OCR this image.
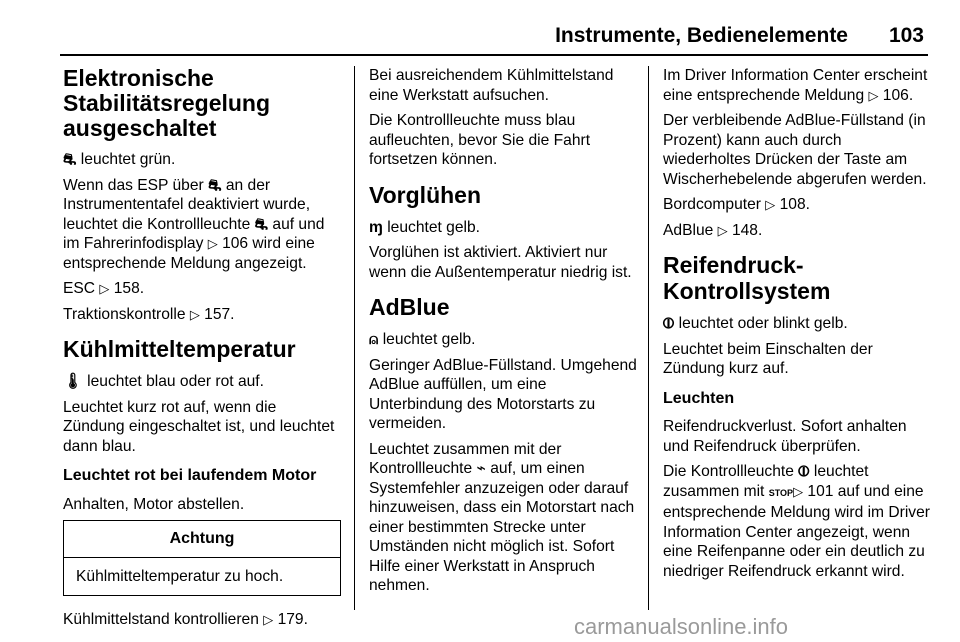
Instrumente, Bedienelemente 103
Elektronische Stabilitätsregelung ausgeschaltet

⛐ leuchtet grün.

Wenn das ESP über ⛐ an der Instrumententafel deaktiviert wurde, leuchtet die Kontrollleuchte ⛐ auf und im Fahrerinfodisplay ▷ 106 wird eine entsprechende Meldung angezeigt.

ESC ▷ 158.

Traktionskontrolle ▷ 157.

Kühlmitteltemperatur

🌡 leuchtet blau oder rot auf.

Leuchtet kurz rot auf, wenn die Zündung eingeschaltet ist, und leuchtet dann blau.

Leuchtet rot bei laufendem Motor

Anhalten, Motor abstellen.

Achtung
Kühlmitteltemperatur zu hoch.

Kühlmittelstand kontrollieren ▷ 179.

Bei ausreichendem Kühlmittelstand eine Werkstatt aufsuchen.

Die Kontrollleuchte muss blau aufleuchten, bevor Sie die Fahrt fortsetzen können.

Vorglühen

ɱ leuchtet gelb.

Vorglühen ist aktiviert. Aktiviert nur wenn die Außentemperatur niedrig ist.

AdBlue

⍝ leuchtet gelb.

Geringer AdBlue-Füllstand. Umgehend AdBlue auffüllen, um eine Unterbindung des Motorstarts zu vermeiden.

Leuchtet zusammen mit der Kontrollleuchte ⌁ auf, um einen Systemfehler anzuzeigen oder darauf hinzuweisen, dass ein Motorstart nach einer bestimmten Strecke unter Umständen nicht möglich ist. Sofort Hilfe einer Werkstatt in Anspruch nehmen.

Im Driver Information Center erscheint eine entsprechende Meldung ▷ 106.

Der verbleibende AdBlue-Füllstand (in Prozent) kann auch durch wiederholtes Drücken der Taste am Wischerhebelende abgerufen werden.

Bordcomputer ▷ 108.

AdBlue ▷ 148.

Reifendruck-Kontrollsystem

⦶ leuchtet oder blinkt gelb.

Leuchtet beim Einschalten der Zündung kurz auf.

Leuchten

Reifendruckverlust. Sofort anhalten und Reifendruck überprüfen.

Die Kontrollleuchte ⦶ leuchtet zusammen mit STOP▷ 101 auf und eine entsprechende Meldung wird im Driver Information Center angezeigt, wenn eine Reifenpanne oder ein deutlich zu niedriger Reifendruck erkannt wird.

carmanualsonline.info
